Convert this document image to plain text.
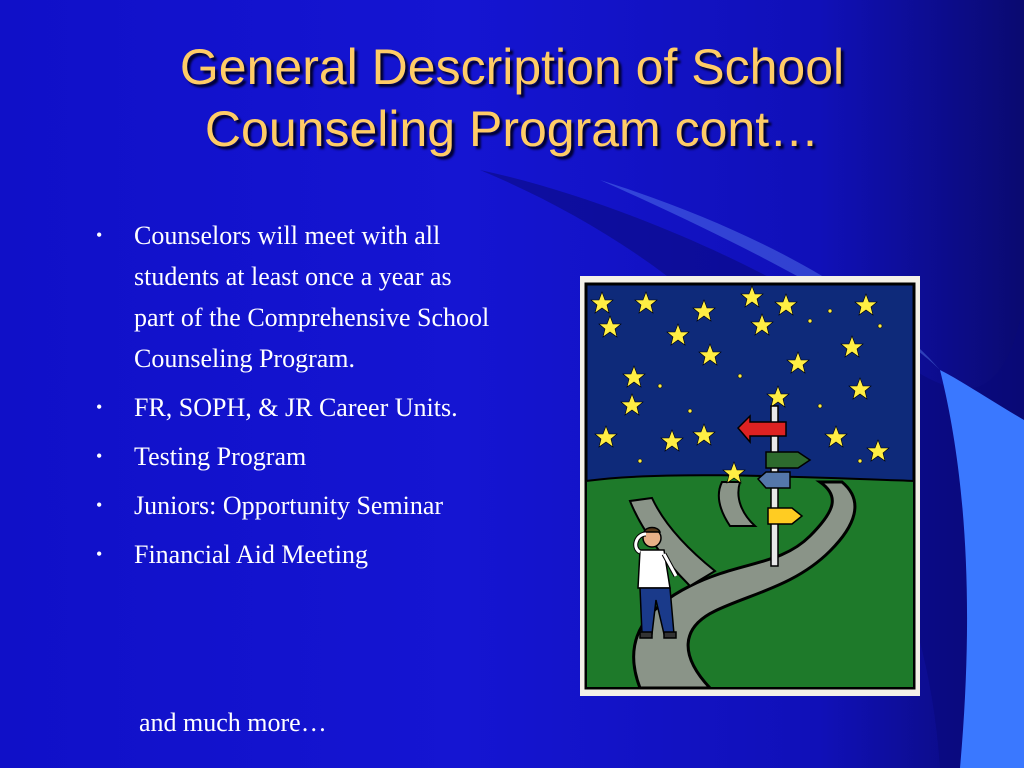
General Description of School
Counseling Program cont…
• Counselors will meet with all students at least once a year as part of the Comprehensive School Counseling Program.
• FR, SOPH, & JR Career Units.
• Testing Program
• Juniors: Opportunity Seminar
• Financial Aid Meeting
and much more…
